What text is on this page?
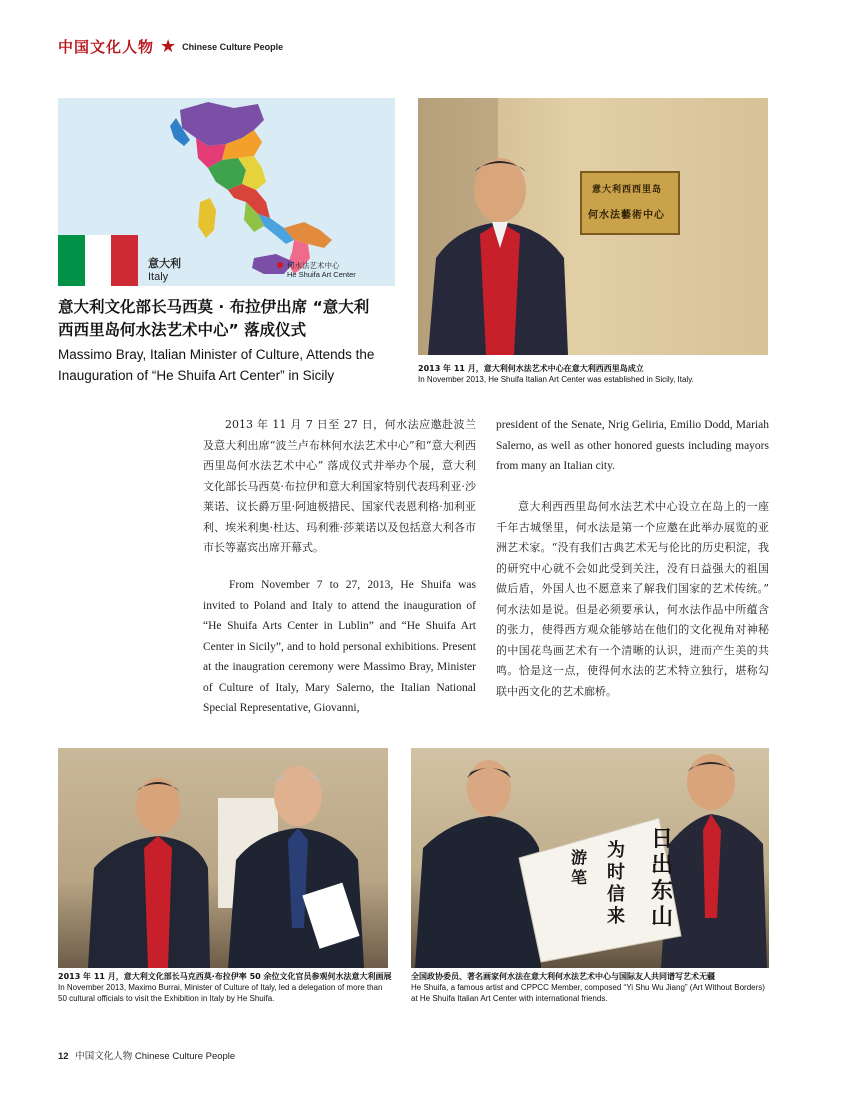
中国文化人物 ★ Chinese Culture People
意大利
Italy
何水法艺术中心
He Shuifa Art Center
意大利文化部长马西莫 · 布拉伊出席 “意大利
西西里岛何水法艺术中心” 落成仪式
Massimo Bray, Italian Minister of Culture, Attends the
Inauguration of “He Shuifa Art Center” in Sicily
意大利西西里岛
何水法藝術中心
2013 年 11 月，意大利何水法艺术中心在意大利西西里岛成立
In November 2013, He Shuifa Italian Art Center was established in Sicily, Italy.
2013 年 11 月 7 日至 27 日，何水法应邀赴波兰及意大利出席“波兰卢布林何水法艺术中心”和“意大利西西里岛何水法艺术中心” 落成仪式并举办个展，意大利文化部长马西莫·布拉伊和意大利国家特别代表玛利亚·沙莱诺、议长爵万里·阿迪极措民、国家代表恩利格·加利亚利、埃米利奥·杜达、玛利雅·莎莱诺以及包括意大利各市市长等嘉宾出席开幕式。
From November 7 to 27, 2013, He Shuifa was invited to Poland and Italy to attend the inauguration of “He Shuifa Arts Center in Lublin” and “He Shuifa Art Center in Sicily”, and to hold personal exhibitions. Present at the inaugration ceremony were Massimo Bray, Minister of Culture of Italy, Mary Salerno, the Italian National Special Representative, Giovanni,
president of the Senate, Nrig Geliria, Emilio Dodd, Mariah Salerno, as well as other honored guests including mayors from many an Italian city.
意大利西西里岛何水法艺术中心设立在岛上的一座千年古城堡里，何水法是第一个应邀在此举办展览的亚洲艺术家。“没有我们古典艺术无与伦比的历史积淀，我的研究中心就不会如此受到关注，没有日益强大的祖国做后盾，外国人也不愿意来了解我们国家的艺术传统。” 何水法如是说。但是必须要承认，何水法作品中所蕴含的张力，使得西方观众能够站在他们的文化视角对神秘的中国花鸟画艺术有一个清晰的认识，进而产生美的共鸣。恰是这一点，使得何水法的艺术特立独行，堪称勾联中西文化的艺术廊桥。
2013 年 11 月，意大利文化部长马克西莫·布拉伊率 50 余位文化官员参观何水法意大利画展
In November 2013, Maximo Burrai, Minister of Culture of Italy, led a delegation of more than 50 cultural officials to visit the Exhibition in Italy by He Shuifa.
日出东山
为时信来
游笔
全国政协委员、著名画家何水法在意大利何水法艺术中心与国际友人共同谱写艺术无疆
He Shuifa, a famous artist and CPPCC Member, composed “Yi Shu Wu Jiang” (Art Without Borders) at He Shuifa Italian Art Center with international friends.
12 中国文化人物 Chinese Culture People
